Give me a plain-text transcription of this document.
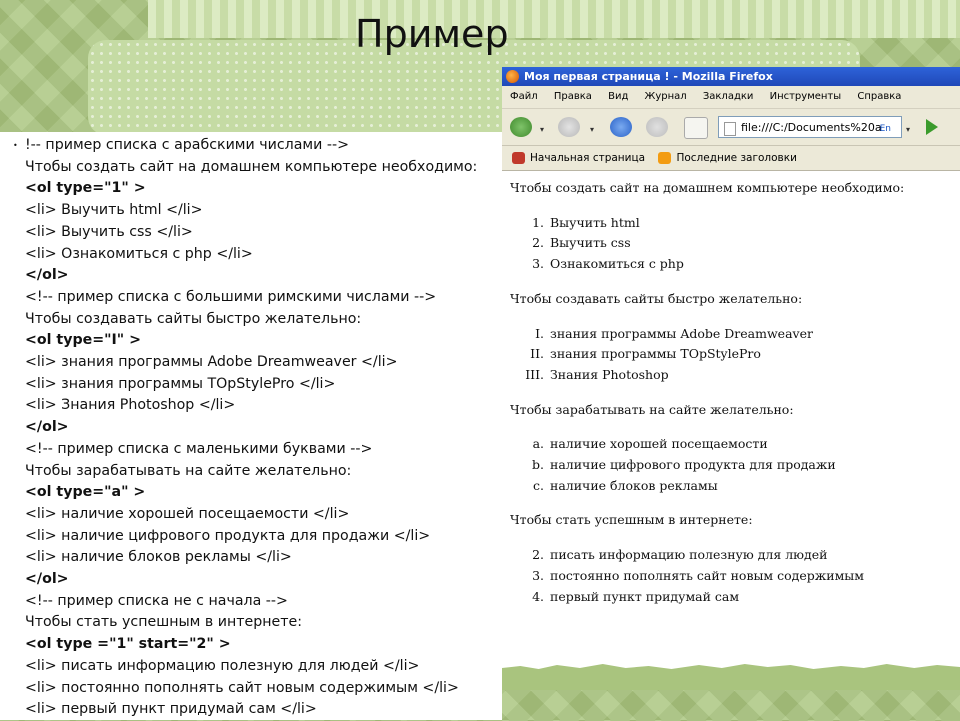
Пример
• !-- пример списка с арабскими числами -->
Чтобы создать сайт на домашнем компьютере необходимо:
<ol type="1" >
<li> Выучить html </li>
<li> Выучить css </li>
<li> Ознакомиться с php </li>
</ol>
<!-- пример списка с большими римскими числами -->
Чтобы создавать сайты быстро желательно:
<ol type="I" >
<li> знания программы Adobe Dreamweaver </li>
<li> знания программы TOpStylePro </li>
<li> Знания Photoshop </li>
</ol>
<!-- пример списка с маленькими буквами -->
Чтобы зарабатывать на сайте желательно:
<ol type="a" >
<li> наличие хорошей посещаемости </li>
<li> наличие цифрового продукта для продажи </li>
<li> наличие блоков рекламы </li>
</ol>
<!-- пример списка не с начала -->
Чтобы стать успешным в интернете:
<ol type ="1" start="2" >
<li> писать информацию полезную для людей </li>
<li> постоянно пополнять сайт новым содержимым </li>
<li> первый пункт придумай сам </li>
Моя первая страница ! - Mozilla Firefox
Файл Правка Вид Журнал Закладки Инструменты Справка
▾	▾	file:///C:/Documents%20a
En ▾
Начальная страница	Последние заголовки

Чтобы создать сайт на домашнем компьютере необходимо:

1. Выучить html
2. Выучить css
3. Ознакомиться с php

Чтобы создавать сайты быстро желательно:

I. знания программы Adobe Dreamweaver
II. знания программы TOpStylePro
III. Знания Photoshop

Чтобы зарабатывать на сайте желательно:

a. наличие хорошей посещаемости
b. наличие цифрового продукта для продажи
c. наличие блоков рекламы

Чтобы стать успешным в интернете:

2. писать информацию полезную для людей
3. постоянно пополнять сайт новым содержимым
4. первый пункт придумай сам
